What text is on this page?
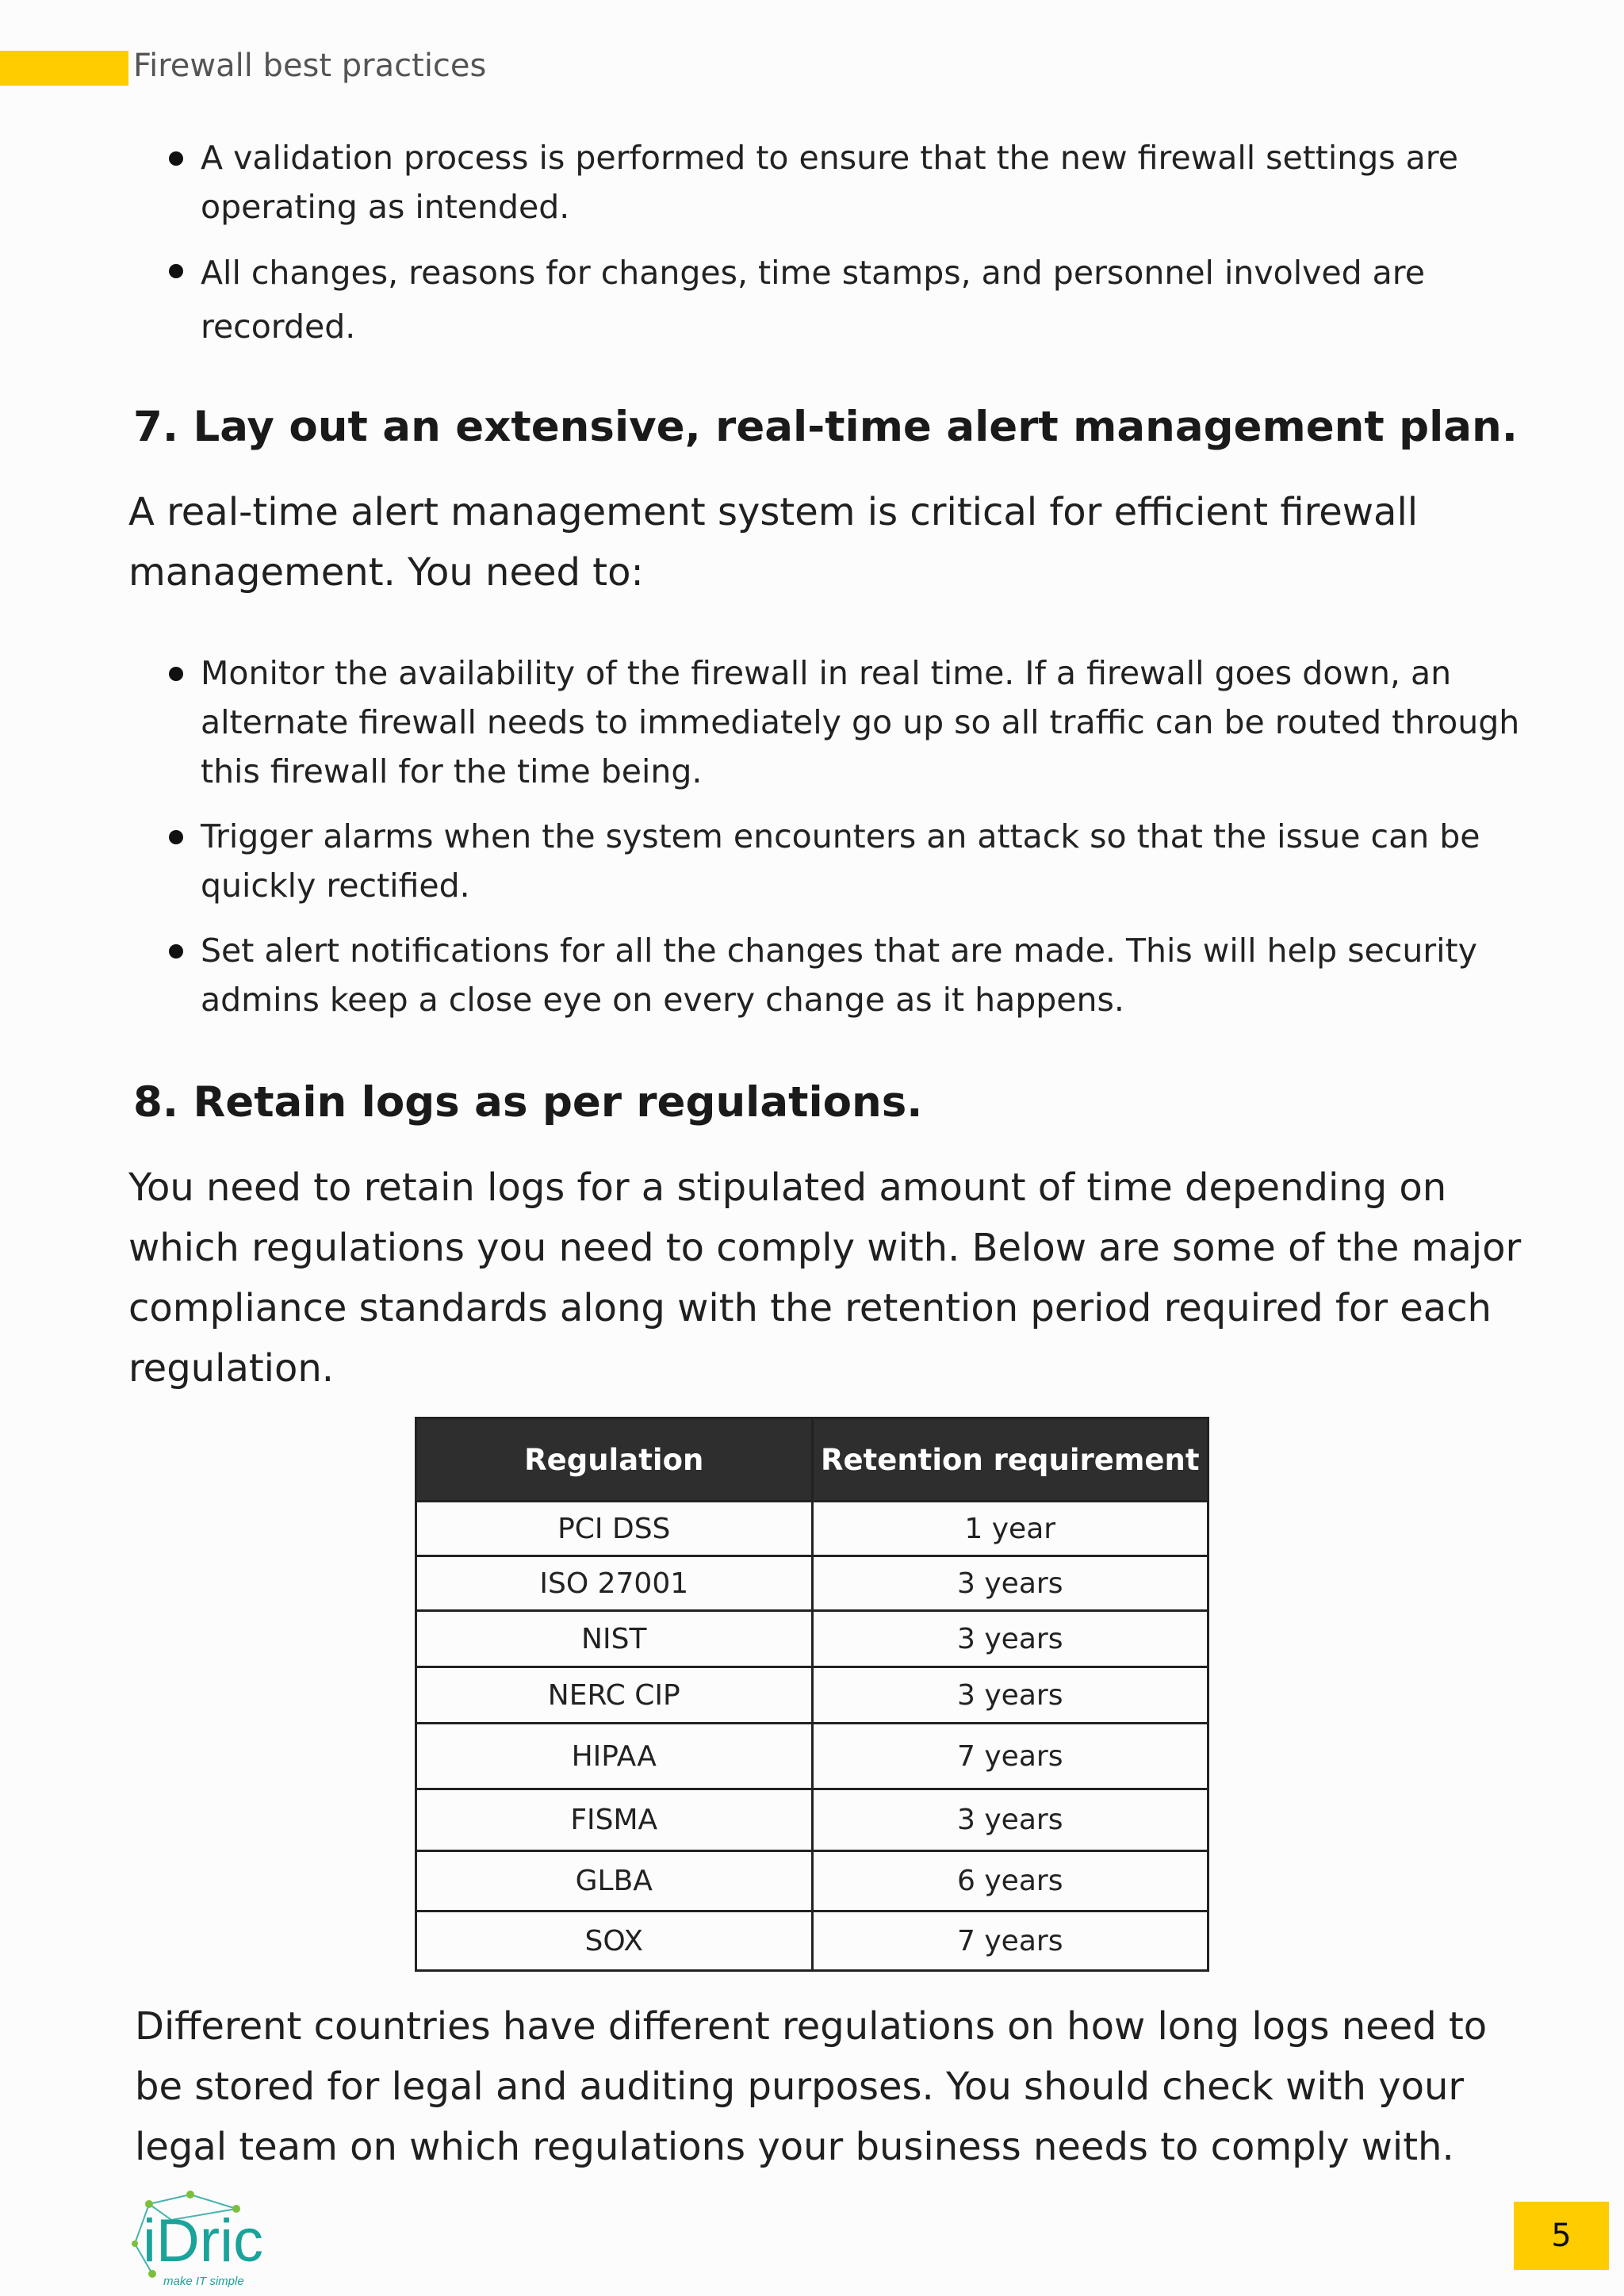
Firewall best practices
A validation process is performed to ensure that the new firewall settings are
operating as intended.
All changes, reasons for changes, time stamps, and personnel involved are
recorded.
7. Lay out an extensive, real-time alert management plan.

A real-time alert management system is critical for efficient firewall
management. You need to:

Monitor the availability of the firewall in real time. If a firewall goes down, an
alternate firewall needs to immediately go up so all traffic can be routed through
this firewall for the time being.
Trigger alarms when the system encounters an attack so that the issue can be
quickly rectified.
Set alert notifications for all the changes that are made. This will help security
admins keep a close eye on every change as it happens.
8. Retain logs as per regulations.

You need to retain logs for a stipulated amount of time depending on
which regulations you need to comply with. Below are some of the major
compliance standards along with the retention period required for each
regulation.

Regulation	Retention requirement
PCI DSS	1 year
ISO 27001	3 years
NIST	3 years
NERC CIP	3 years
HIPAA	7 years
FISMA	3 years
GLBA	6 years
SOX	7 years

Different countries have different regulations on how long logs need to
be stored for legal and auditing purposes. You should check with your
legal team on which regulations your business needs to comply with.

iDric
make IT simple
5
